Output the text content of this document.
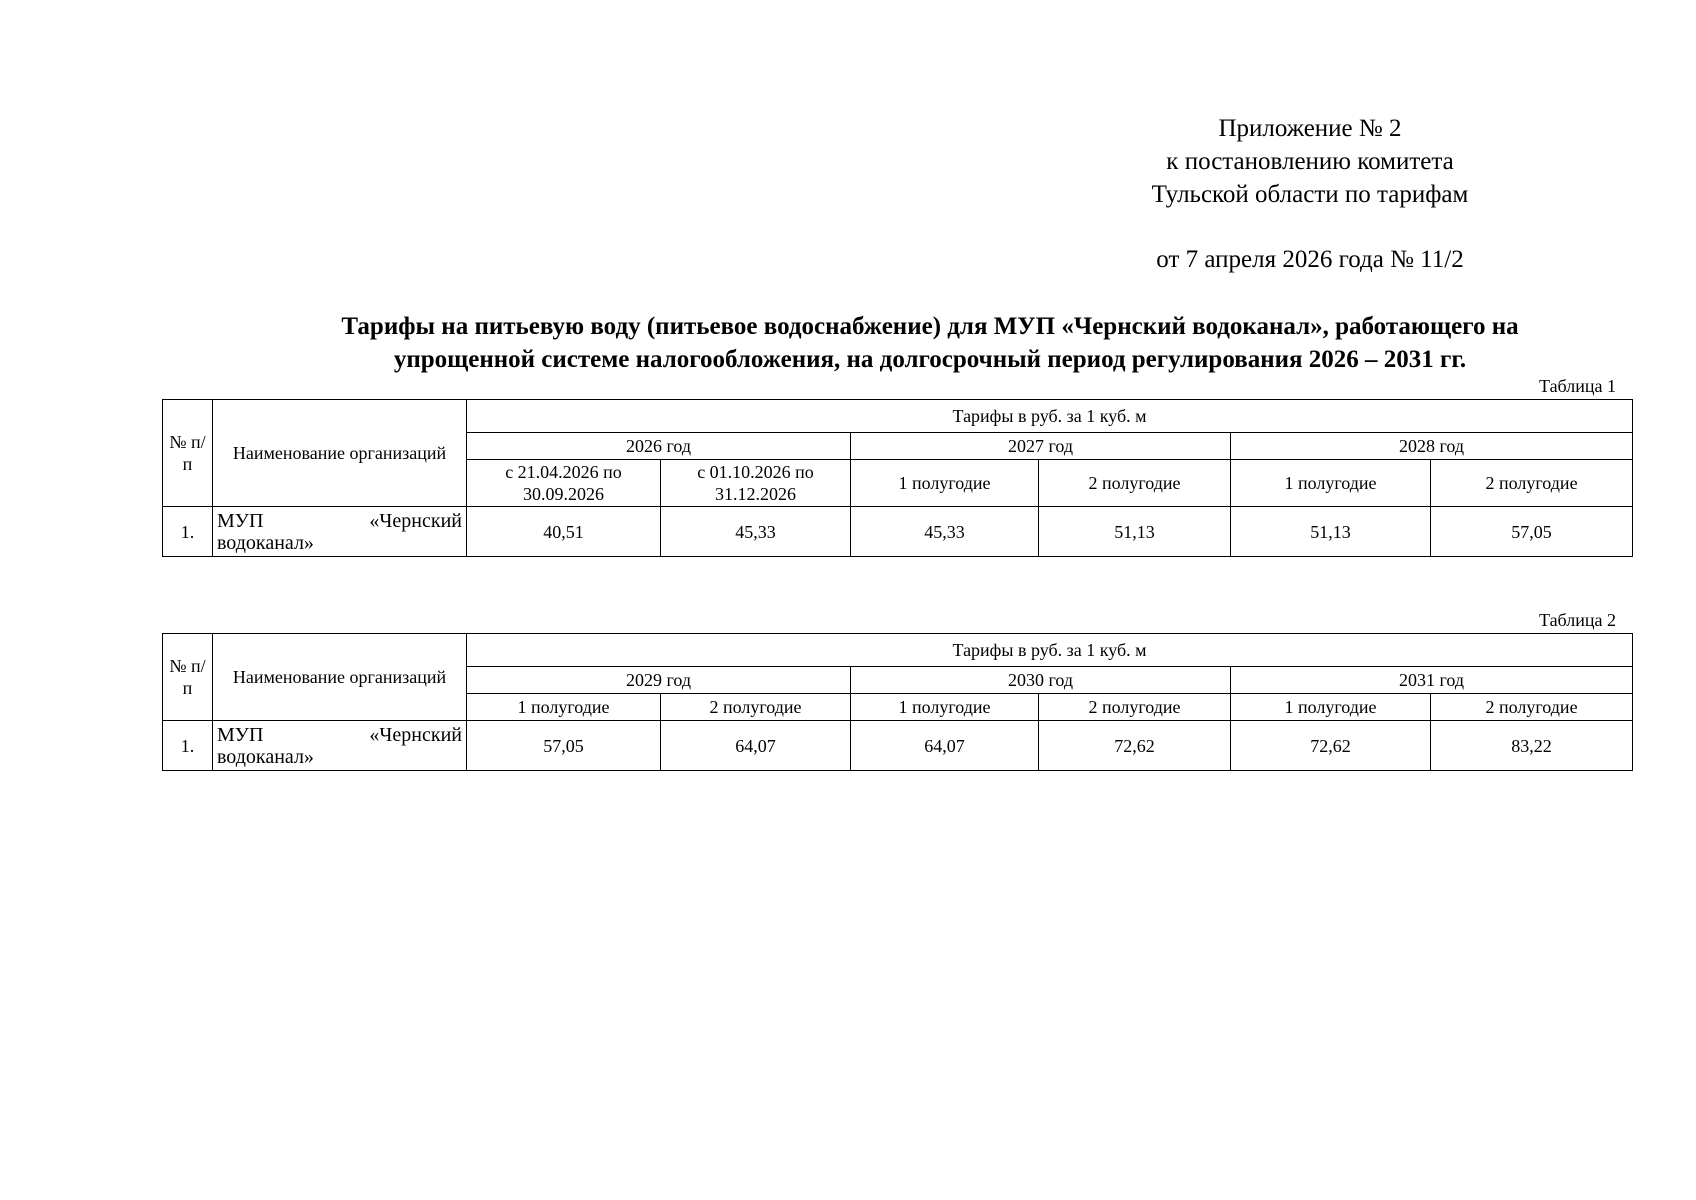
Приложение № 2
к постановлению комитета
Тульской области по тарифам
от 7 апреля 2026 года № 11/2
Тарифы на питьевую воду (питьевое водоснабжение) для МУП «Чернский водоканал», работающего на
упрощенной системе налогообложения, на долгосрочный период регулирования 2026 – 2031 гг.
Таблица 1
№ п/п	Наименование организаций	Тарифы в руб. за 1 куб. м					
		2026 год		2027 год		2028 год	
		с 21.04.2026 по 30.09.2026	с 01.10.2026 по 31.12.2026	1 полугодие	2 полугодие	1 полугодие	2 полугодие
1.	МУП «Чернский
водоканал»	40,51	45,33	45,33	51,13	51,13	57,05
Таблица 2
№ п/п	Наименование организаций	Тарифы в руб. за 1 куб. м					
		2029 год		2030 год		2031 год	
		1 полугодие	2 полугодие	1 полугодие	2 полугодие	1 полугодие	2 полугодие
1.	МУП «Чернский
водоканал»	57,05	64,07	64,07	72,62	72,62	83,22
